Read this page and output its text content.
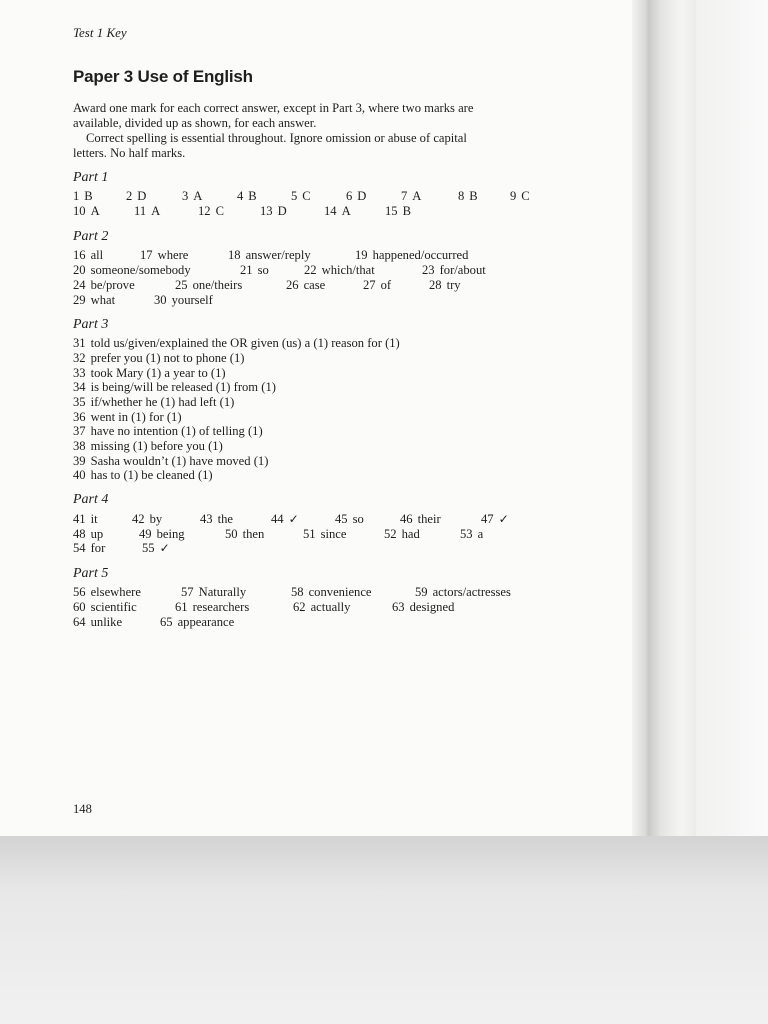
Test 1 Key
Paper 3 Use of English
Award one mark for each correct answer, except in Part 3, where two marks are
available, divided up as shown, for each answer.
Correct spelling is essential throughout. Ignore omission or abuse of capital
letters. No half marks.
Part 1
1 B	2 D	3 A	4 B	5 C	6 D	7 A	8 B	9 C
10 A	11 A	12 C	13 D	14 A	15 B
Part 2
16 all	17 where	18 answer/reply	19 happened/occurred
20 someone/somebody	21 so	22 which/that	23 for/about
24 be/prove	25 one/theirs	26 case	27 of	28 try
29 what	30 yourself
Part 3
31 told us/given/explained the OR given (us) a (1) reason for (1)
32 prefer you (1) not to phone (1)
33 took Mary (1) a year to (1)
34 is being/will be released (1) from (1)
35 if/whether he (1) had left (1)
36 went in (1) for (1)
37 have no intention (1) of telling (1)
38 missing (1) before you (1)
39 Sasha wouldn’t (1) have moved (1)
40 has to (1) be cleaned (1)
Part 4
41 it	42 by	43 the	44 ✓	45 so	46 their	47 ✓
48 up	49 being	50 then	51 since	52 had	53 a
54 for	55 ✓
Part 5
56 elsewhere	57 Naturally	58 convenience	59 actors/actresses
60 scientific	61 researchers	62 actually	63 designed
64 unlike	65 appearance
148
